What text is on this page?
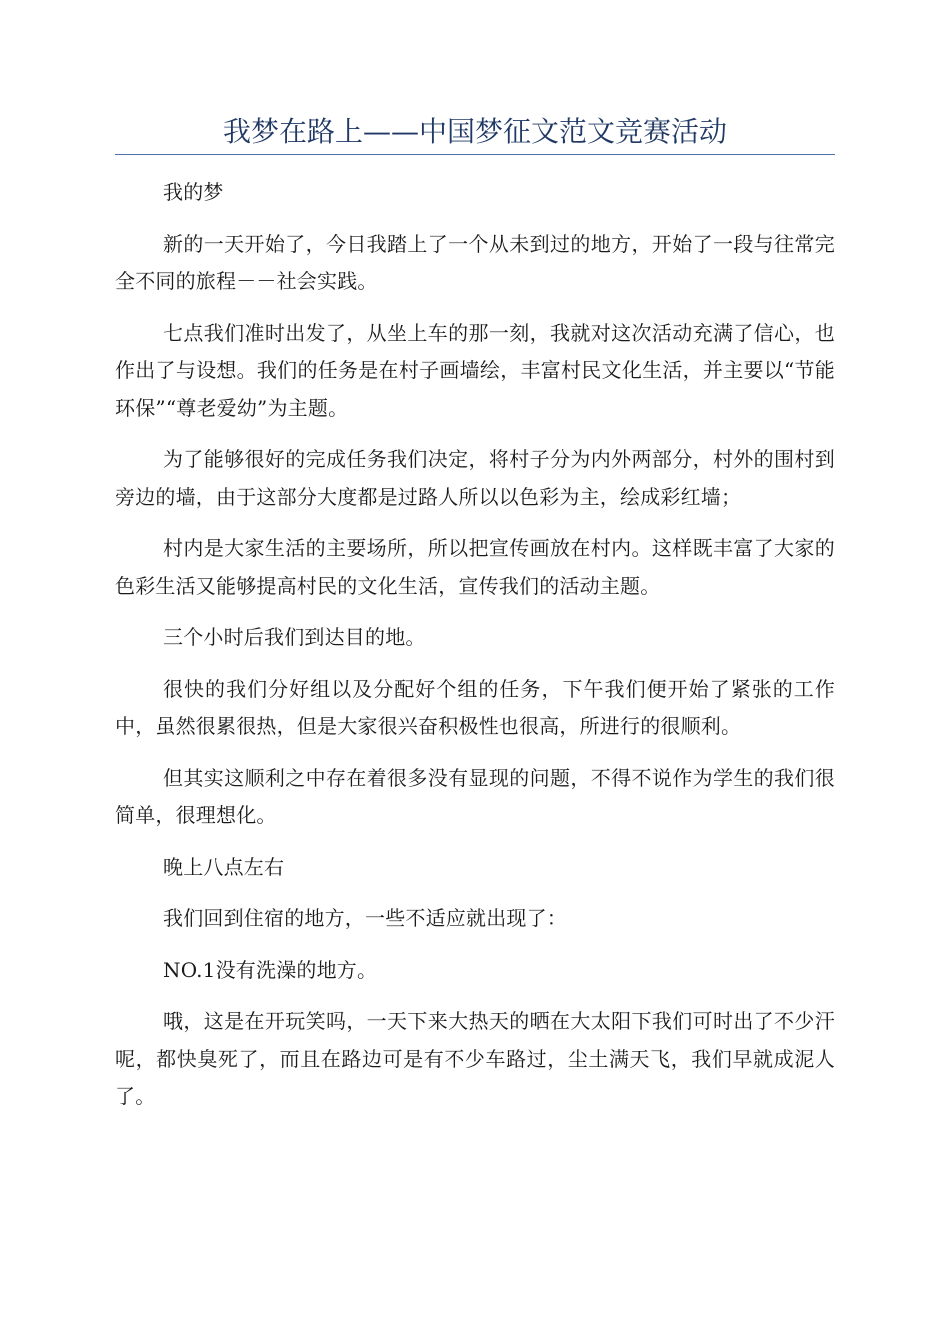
我梦在路上——中国梦征文范文竞赛活动

我的梦

新的一天开始了，今日我踏上了一个从未到过的地方，开始了一段与往常完全不同的旅程－－社会实践。

七点我们准时出发了，从坐上车的那一刻，我就对这次活动充满了信心，也作出了与设想。我们的任务是在村子画墙绘，丰富村民文化生活，并主要以“节能环保”“尊老爱幼”为主题。

为了能够很好的完成任务我们决定，将村子分为内外两部分，村外的围村到旁边的墙，由于这部分大度都是过路人所以以色彩为主，绘成彩红墙；

村内是大家生活的主要场所，所以把宣传画放在村内。这样既丰富了大家的色彩生活又能够提高村民的文化生活，宣传我们的活动主题。

三个小时后我们到达目的地。

很快的我们分好组以及分配好个组的任务，下午我们便开始了紧张的工作中，虽然很累很热，但是大家很兴奋积极性也很高，所进行的很顺利。

但其实这顺利之中存在着很多没有显现的问题，不得不说作为学生的我们很简单，很理想化。

晚上八点左右

我们回到住宿的地方，一些不适应就出现了：

NO.1没有洗澡的地方。

哦，这是在开玩笑吗，一天下来大热天的晒在大太阳下我们可时出了不少汗呢，都快臭死了，而且在路边可是有不少车路过，尘土满天飞，我们早就成泥人了。
